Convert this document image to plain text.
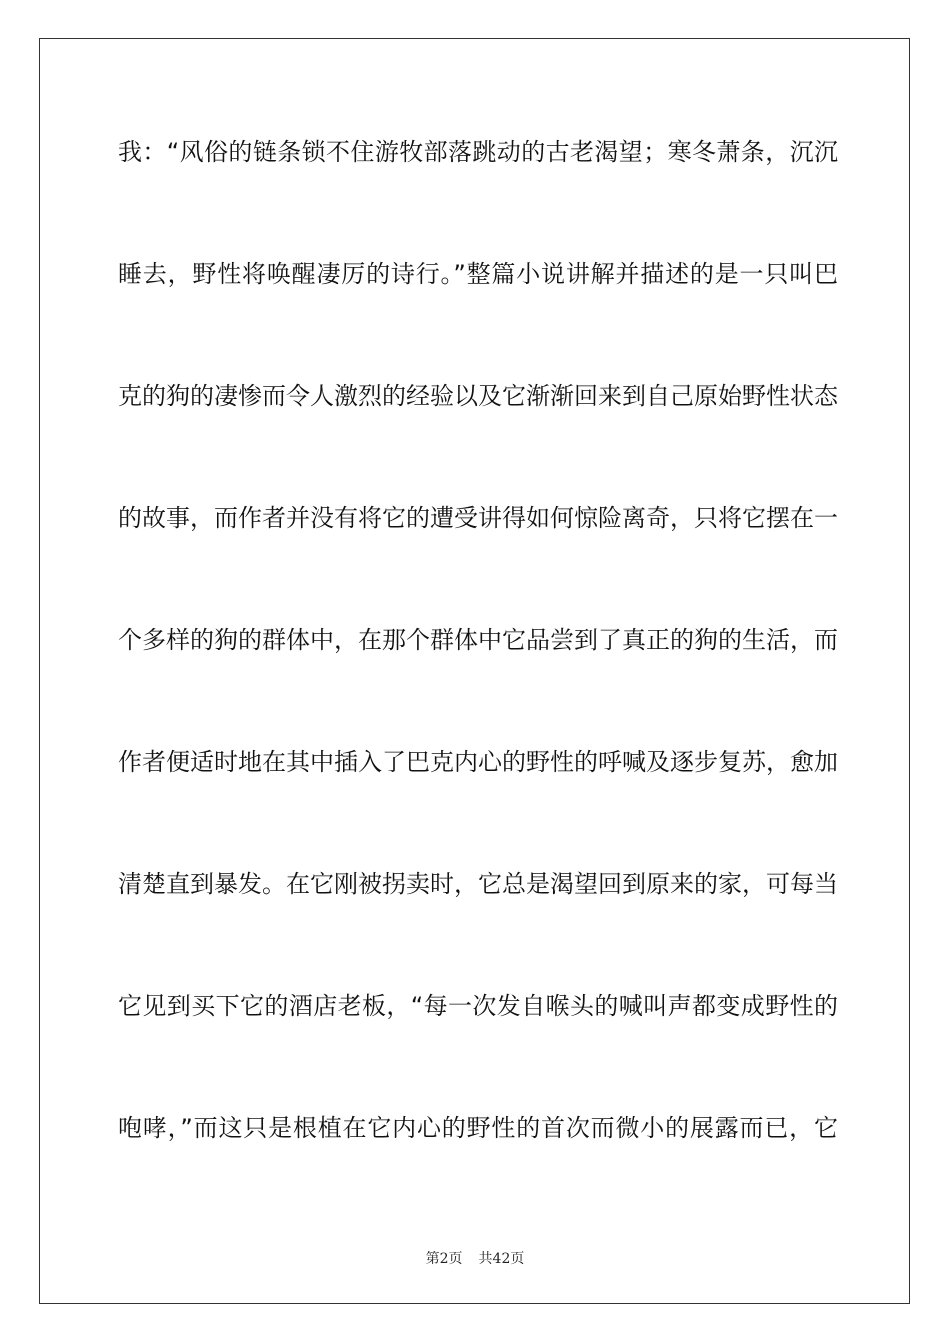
我：“风俗的链条锁不住游牧部落跳动的古老渴望；寒冬萧条，沉沉
睡去，野性将唤醒凄厉的诗行。”整篇小说讲解并描述的是一只叫巴
克的狗的凄惨而令人激烈的经验以及它渐渐回来到自己原始野性状态
的故事，而作者并没有将它的遭受讲得如何惊险离奇，只将它摆在一
个多样的狗的群体中，在那个群体中它品尝到了真正的狗的生活，而
作者便适时地在其中插入了巴克内心的野性的呼喊及逐步复苏，愈加
清楚直到暴发。在它刚被拐卖时，它总是渴望回到原来的家，可每当
它见到买下它的酒店老板，“每一次发自喉头的喊叫声都变成野性的
咆哮，”而这只是根植在它内心的野性的首次而微小的展露而已，它
第2页 共42页
